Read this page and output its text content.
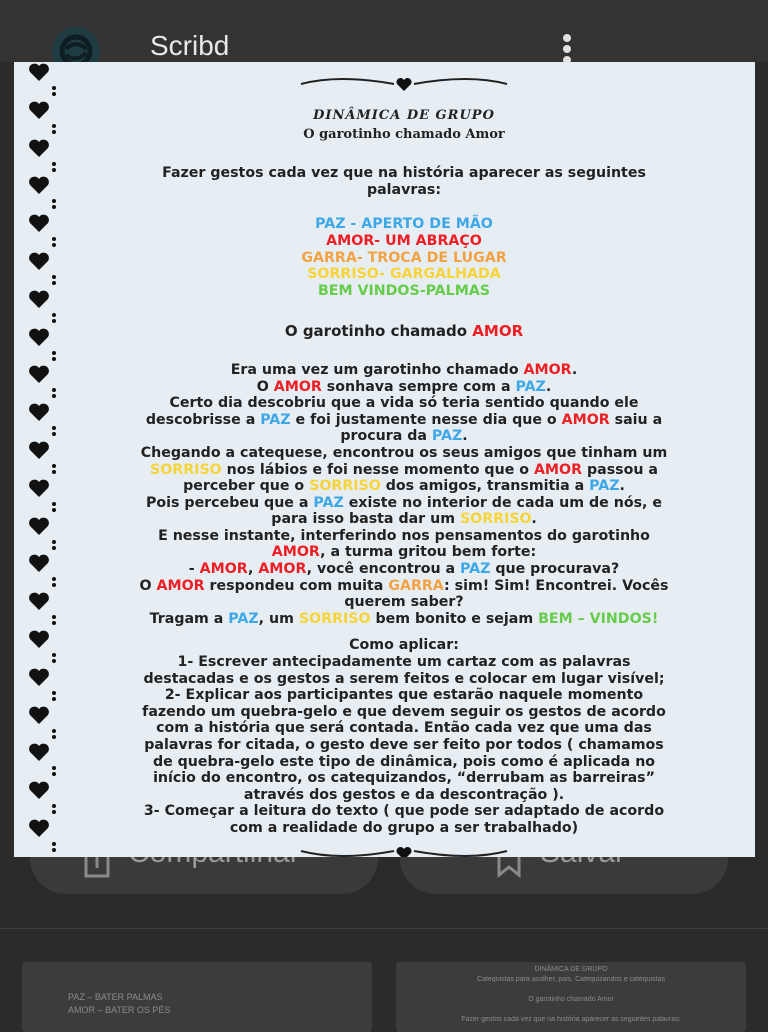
Scribd
PAZ – BATER PALMAS
AMOR – BATER OS PÉS
DINÂMICA DE GRUPO
Catequistas para acolher, pais, Catequizandos e catequistas
O garotinho chamado Amor
Fazer gestos cada vez que na história aparecer as seguintes palavras:
DINÂMICA DE GRUPO
O garotinho chamado Amor
Fazer gestos cada vez que na história aparecer as seguintes
palavras:
PAZ - APERTO DE MÃO
AMOR- UM ABRAÇO
GARRA- TROCA DE LUGAR
SORRISO- GARGALHADA
BEM VINDOS-PALMAS
O garotinho chamado AMOR
Era uma vez um garotinho chamado AMOR.
O AMOR sonhava sempre com a PAZ.
Certo dia descobriu que a vida só teria sentido quando ele
descobrisse a PAZ e foi justamente nesse dia que o AMOR saiu a
procura da PAZ.
Chegando a catequese, encontrou os seus amigos que tinham um
SORRISO nos lábios e foi nesse momento que o AMOR passou a
perceber que o SORRISO dos amigos, transmitia a PAZ.
Pois percebeu que a PAZ existe no interior de cada um de nós, e
para isso basta dar um SORRISO.
E nesse instante, interferindo nos pensamentos do garotinho
AMOR, a turma gritou bem forte:
- AMOR, AMOR, você encontrou a PAZ que procurava?
O AMOR respondeu com muita GARRA: sim! Sim! Encontrei. Vocês
querem saber?
Tragam a PAZ, um SORRISO bem bonito e sejam BEM – VINDOS!
Como aplicar:
1- Escrever antecipadamente um cartaz com as palavras
destacadas e os gestos a serem feitos e colocar em lugar visível;
2- Explicar aos participantes que estarão naquele momento
fazendo um quebra-gelo e que devem seguir os gestos de acordo
com a história que será contada. Então cada vez que uma das
palavras for citada, o gesto deve ser feito por todos ( chamamos
de quebra-gelo este tipo de dinâmica, pois como é aplicada no
início do encontro, os catequizandos, “derrubam as barreiras”
através dos gestos e da descontração ).
3- Começar a leitura do texto ( que pode ser adaptado de acordo
com a realidade do grupo a ser trabalhado)
